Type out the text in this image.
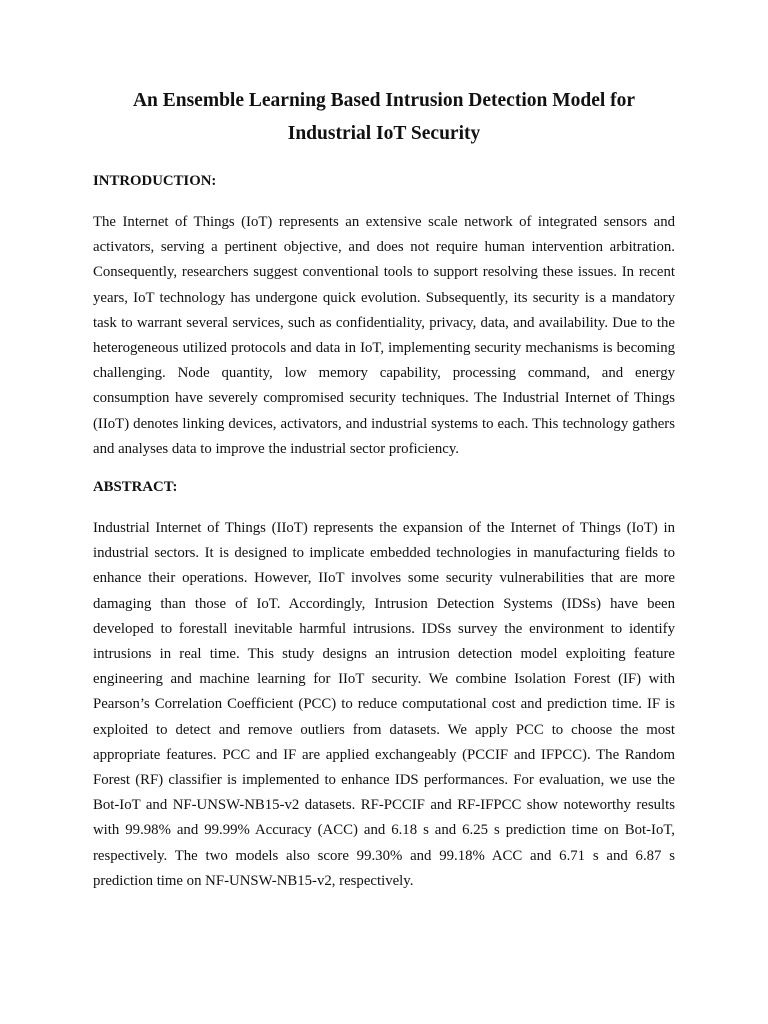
An Ensemble Learning Based Intrusion Detection Model for
Industrial IoT Security
INTRODUCTION:

The Internet of Things (IoT) represents an extensive scale network of integrated sensors and activators, serving a pertinent objective, and does not require human intervention arbitration. Consequently, researchers suggest conventional tools to support resolving these issues. In recent years, IoT technology has undergone quick evolution. Subsequently, its security is a mandatory task to warrant several services, such as confidentiality, privacy, data, and availability. Due to the heterogeneous utilized protocols and data in IoT, implementing security mechanisms is becoming challenging. Node quantity, low memory capability, processing command, and energy consumption have severely compromised security techniques. The Industrial Internet of Things (IIoT) denotes linking devices, activators, and industrial systems to each. This technology gathers and analyses data to improve the industrial sector proficiency.

ABSTRACT:

Industrial Internet of Things (IIoT) represents the expansion of the Internet of Things (IoT) in industrial sectors. It is designed to implicate embedded technologies in manufacturing fields to enhance their operations. However, IIoT involves some security vulnerabilities that are more damaging than those of IoT. Accordingly, Intrusion Detection Systems (IDSs) have been developed to forestall inevitable harmful intrusions. IDSs survey the environment to identify intrusions in real time. This study designs an intrusion detection model exploiting feature engineering and machine learning for IIoT security. We combine Isolation Forest (IF) with Pearson’s Correlation Coefficient (PCC) to reduce computational cost and prediction time. IF is exploited to detect and remove outliers from datasets. We apply PCC to choose the most appropriate features. PCC and IF are applied exchangeably (PCCIF and IFPCC). The Random Forest (RF) classifier is implemented to enhance IDS performances. For evaluation, we use the Bot-IoT and NF-UNSW-NB15-v2 datasets. RF-PCCIF and RF-IFPCC show noteworthy results with 99.98% and 99.99% Accuracy (ACC) and 6.18 s and 6.25 s prediction time on Bot-IoT, respectively. The two models also score 99.30% and 99.18% ACC and 6.71 s and 6.87 s prediction time on NF-UNSW-NB15-v2, respectively.
